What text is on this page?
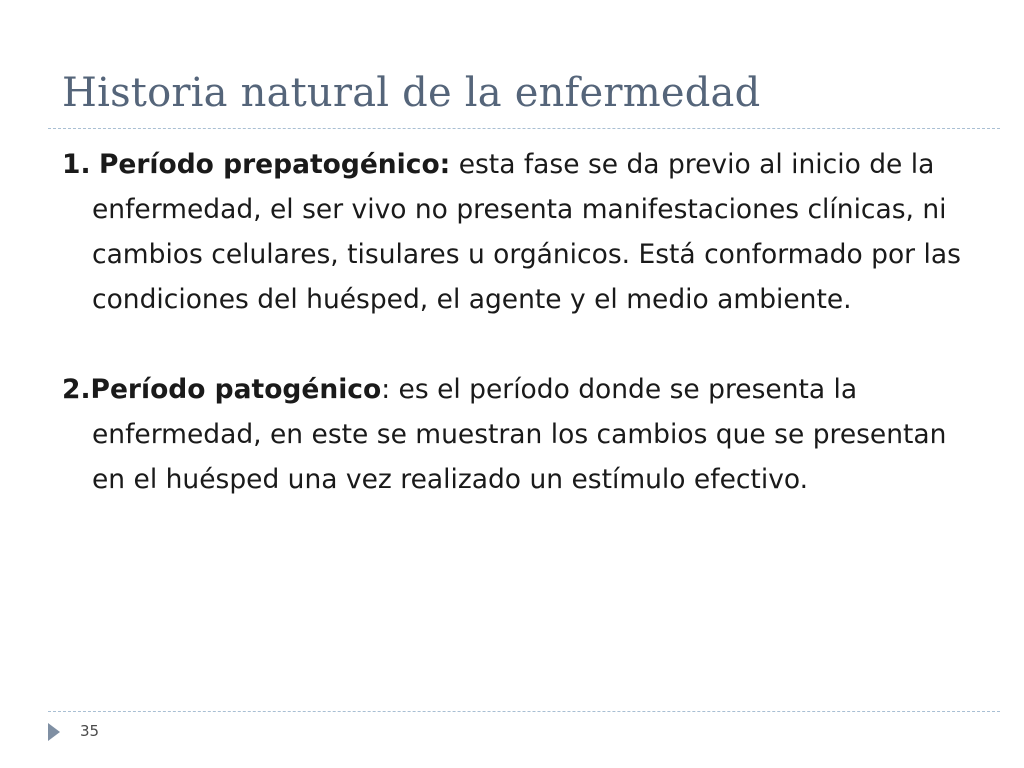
Historia natural de la enfermedad

1. Período prepatogénico: esta fase se da previo al inicio de la enfermedad, el ser vivo no presenta manifestaciones clínicas, ni cambios celulares, tisulares u orgánicos. Está conformado por las condiciones del huésped, el agente y el medio ambiente.

2.Período patogénico: es el período donde se presenta la enfermedad, en este se muestran los cambios que se presentan en el huésped una vez realizado un estímulo efectivo.

35
